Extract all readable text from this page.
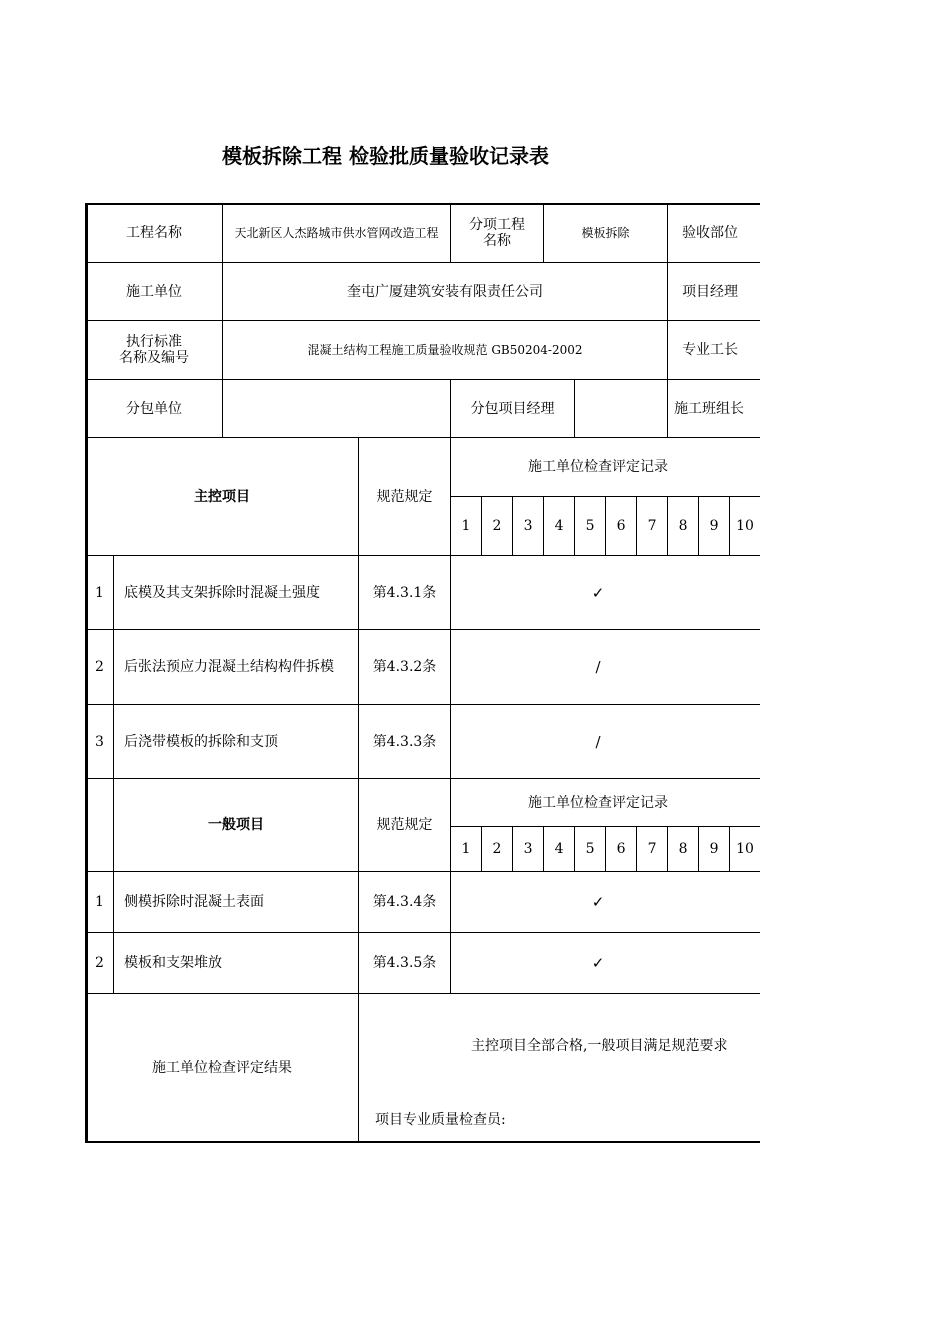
模板拆除工程 检验批质量验收记录表
工程名称		天北新区人杰路城市供水管网改造工程		分项工程名称			模板拆除				验收部位			
施工单位		奎屯广厦建筑安装有限责任公司									项目经理			

执行标准
名称及编号		混凝土结构工程施工质量验收规范 GB50204-2002									专业工长			
分包单位				分包项目经理							施工班组长			
主控项目			规范规定	施工单位检查评定记录										
				1	2	3	4	5	6	7	8	9	10	
1	底模及其支架拆除时混凝土强度		第4.3.1条	✓										
2	后张法预应力混凝土结构构件拆模		第4.3.2条	/										
3	后浇带模板的拆除和支顶		第4.3.3条	/										
	一般项目		规范规定	施工单位检查评定记录										
				1	2	3	4	5	6	7	8	9	10	
1	侧模拆除时混凝土表面		第4.3.4条	✓										
2	模板和支架堆放		第4.3.5条	✓										
施工单位检查评定结果			主控项目全部合格,一般项目满足规范要求
项目专业质量检查员:											
